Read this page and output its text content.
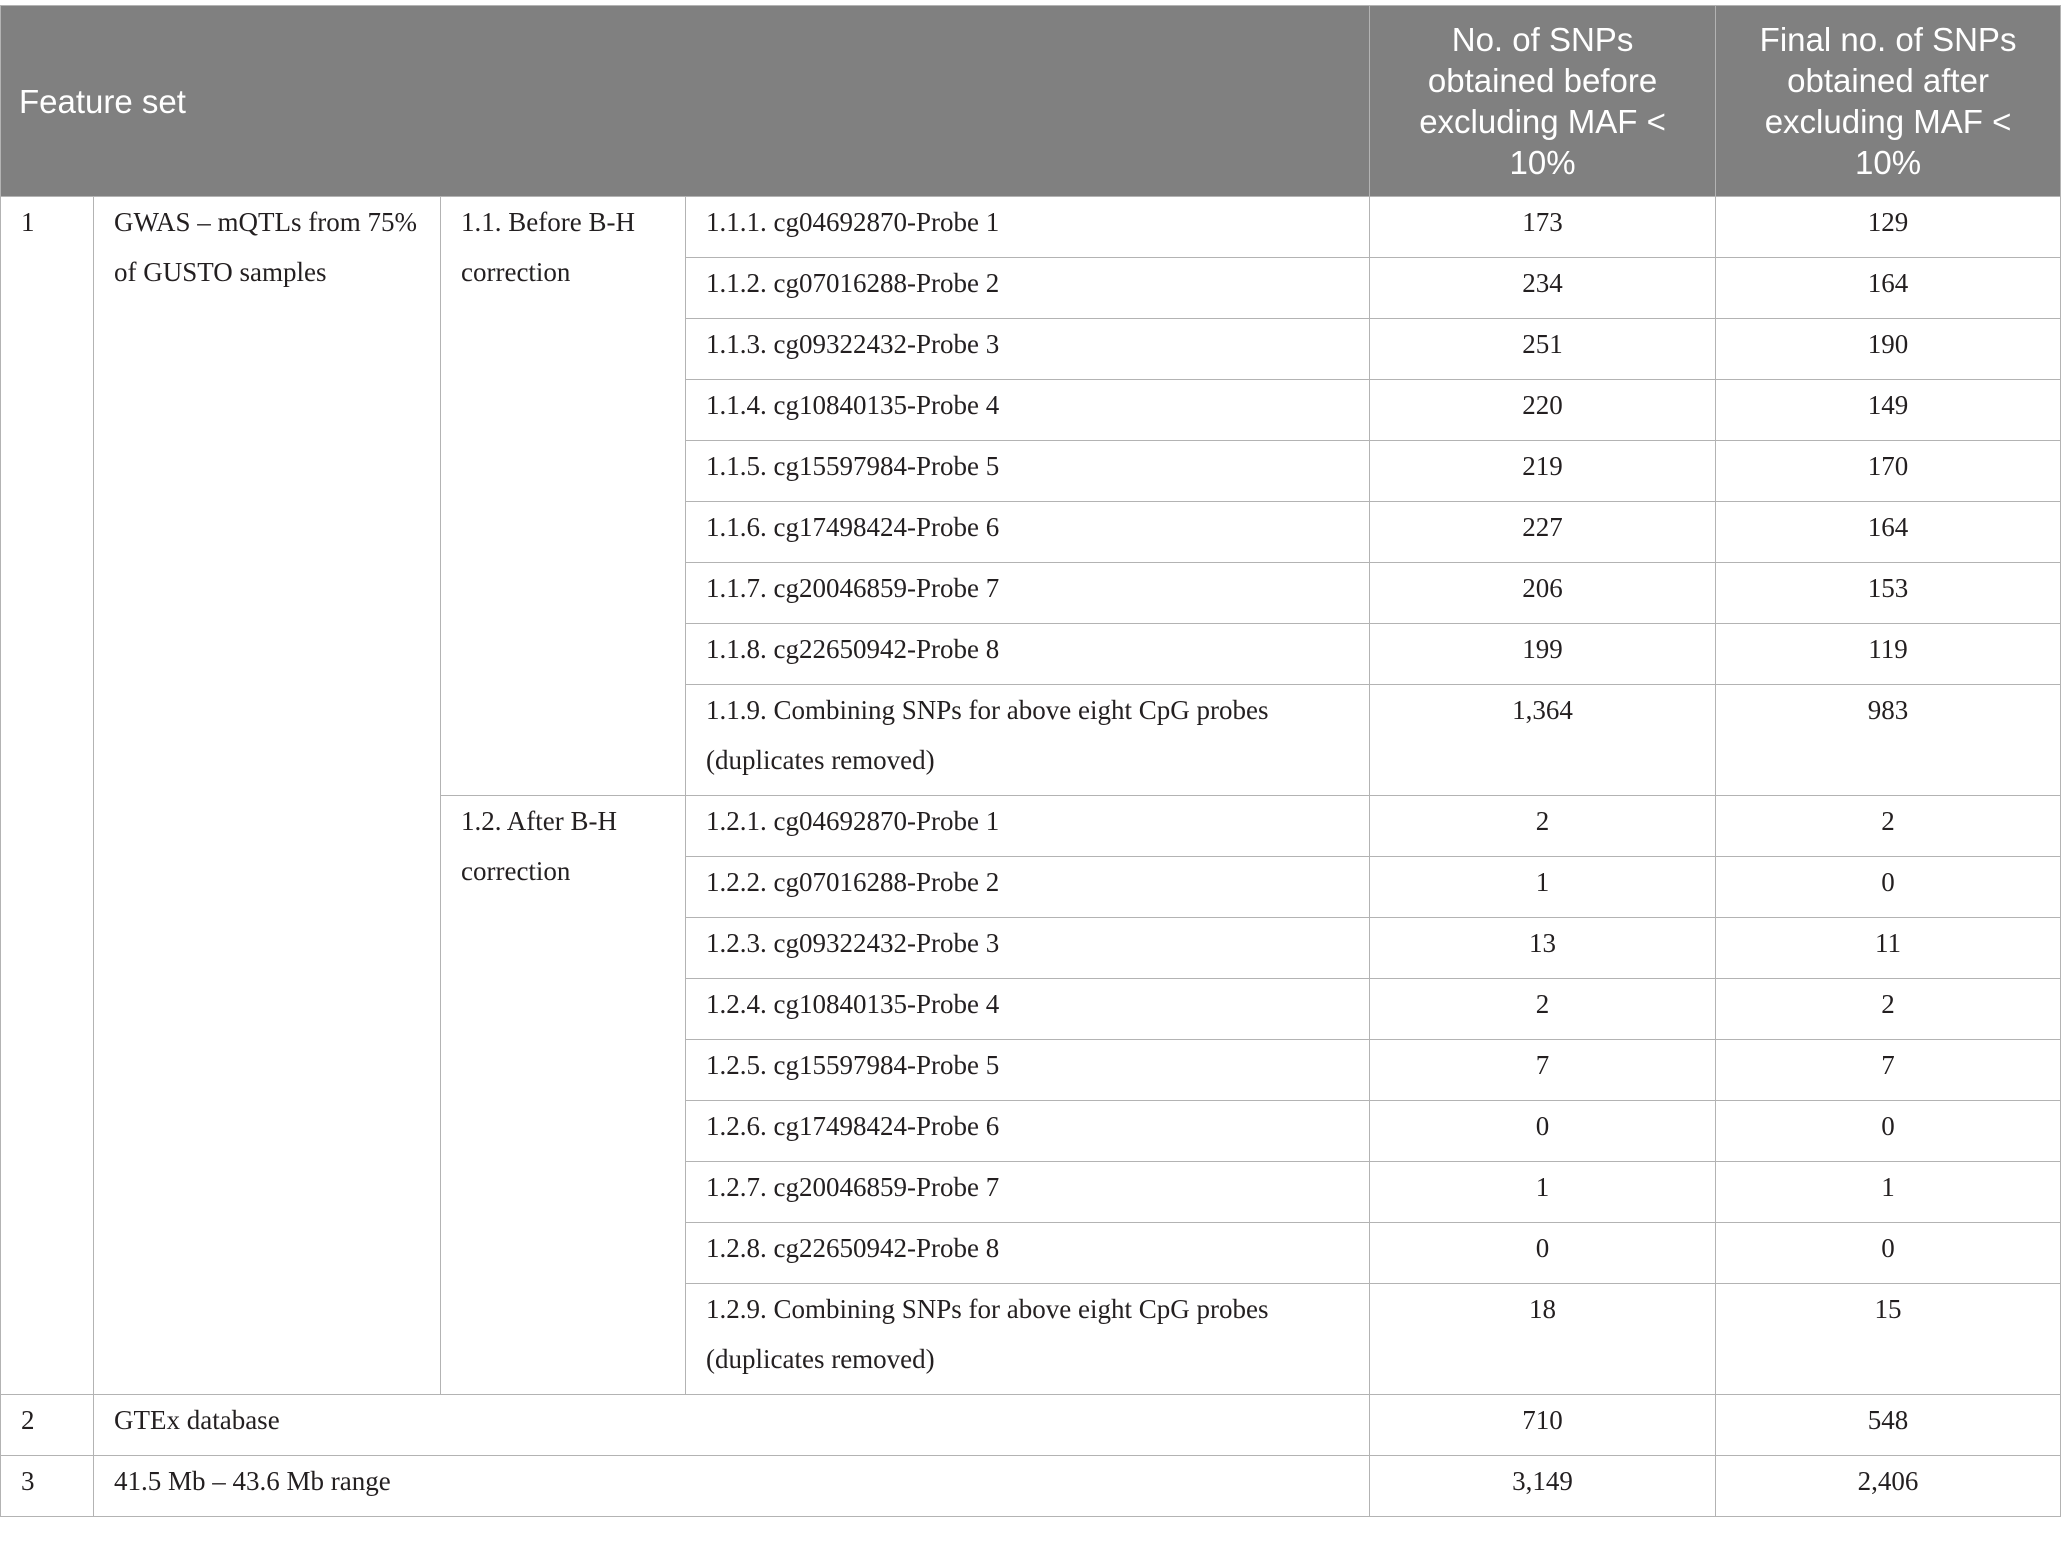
Feature set				No. of SNPs obtained before excluding MAF < 10%	Final no. of SNPs obtained after excluding MAF < 10%
1	GWAS – mQTLs from 75% of GUSTO samples	1.1. Before B-H correction	1.1.1. cg04692870-Probe 1	173	129
			1.1.2. cg07016288-Probe 2	234	164
			1.1.3. cg09322432-Probe 3	251	190
			1.1.4. cg10840135-Probe 4	220	149
			1.1.5. cg15597984-Probe 5	219	170
			1.1.6. cg17498424-Probe 6	227	164
			1.1.7. cg20046859-Probe 7	206	153
			1.1.8. cg22650942-Probe 8	199	119
			1.1.9. Combining SNPs for above eight CpG probes (duplicates removed)	1,364	983
		1.2. After B-H correction	1.2.1. cg04692870-Probe 1	2	2
			1.2.2. cg07016288-Probe 2	1	0
			1.2.3. cg09322432-Probe 3	13	11
			1.2.4. cg10840135-Probe 4	2	2
			1.2.5. cg15597984-Probe 5	7	7
			1.2.6. cg17498424-Probe 6	0	0
			1.2.7. cg20046859-Probe 7	1	1
			1.2.8. cg22650942-Probe 8	0	0
			1.2.9. Combining SNPs for above eight CpG probes (duplicates removed)	18	15
2	GTEx database			710	548
3	41.5 Mb – 43.6 Mb range			3,149	2,406
